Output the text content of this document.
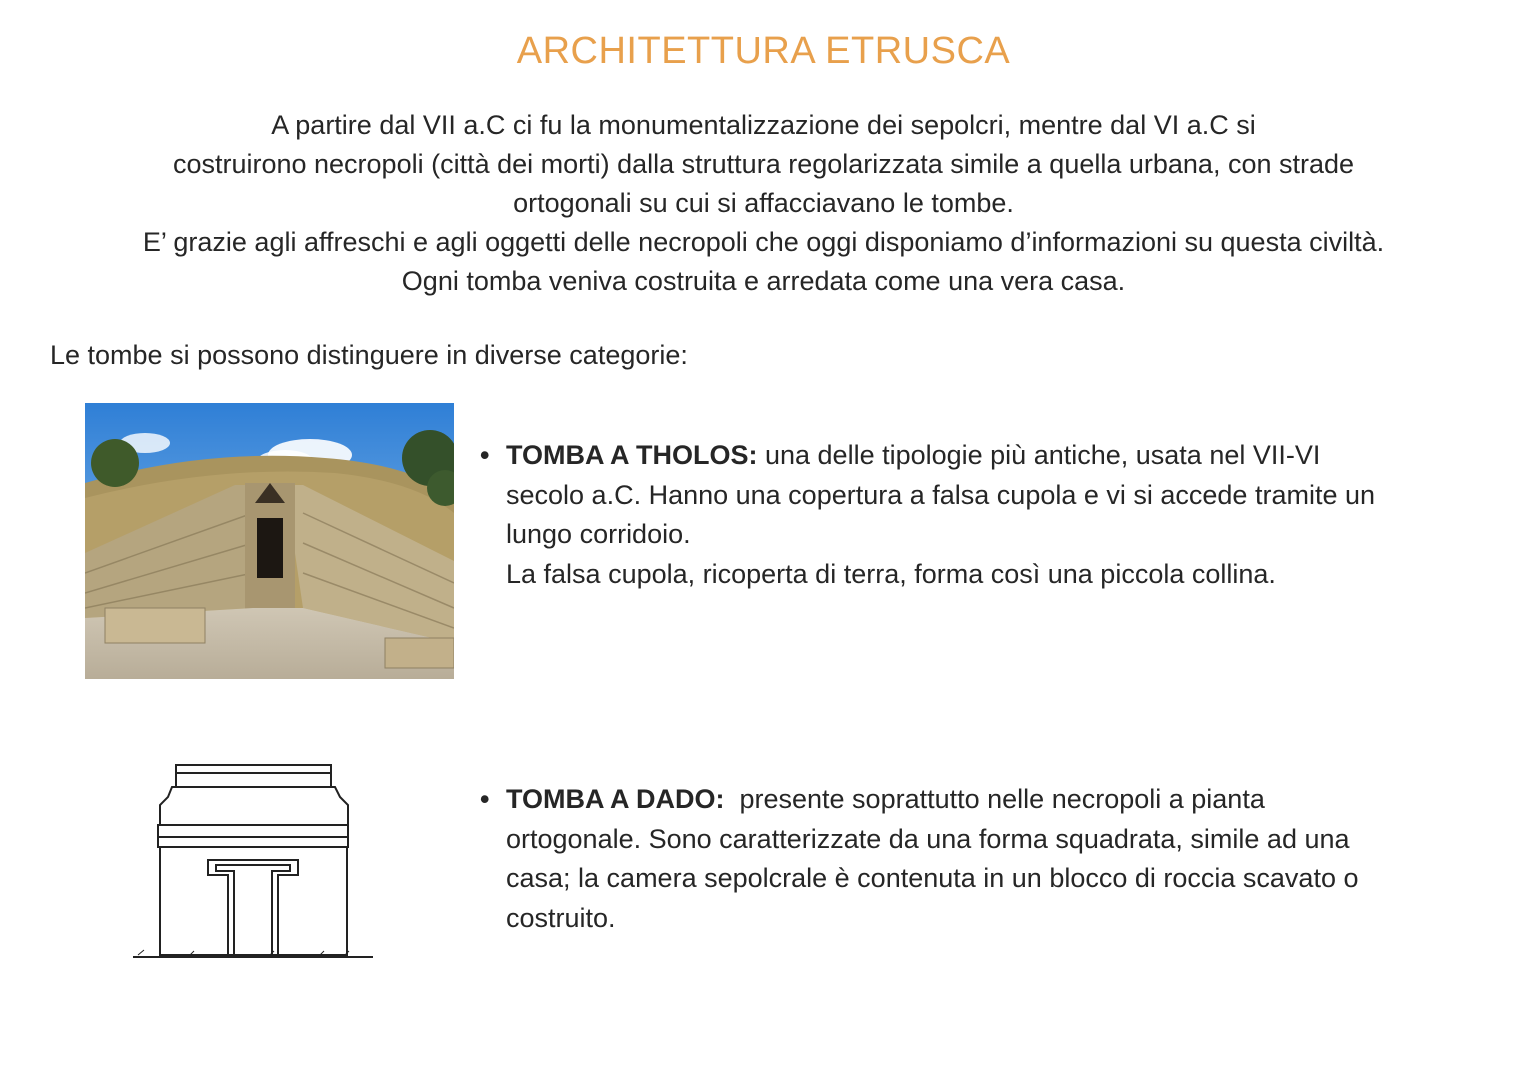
ARCHITETTURA ETRUSCA
A partire dal VII a.C ci fu la monumentalizzazione dei sepolcri, mentre dal VI a.C si
costruirono necropoli (città dei morti) dalla struttura regolarizzata simile a quella urbana, con strade
ortogonali su cui si affacciavano le tombe.
E’ grazie agli affreschi e agli oggetti delle necropoli che oggi disponiamo d’informazioni su questa civiltà.
Ogni tomba veniva costruita e arredata come una vera casa.
Le tombe si possono distinguere in diverse categorie:
• TOMBA A THOLOS: una delle tipologie più antiche, usata nel VII-VI
secolo a.C. Hanno una copertura a falsa cupola e vi si accede tramite un
lungo corridoio.
La falsa cupola, ricoperta di terra, forma così una piccola collina.
• TOMBA A DADO:  presente soprattutto nelle necropoli a pianta
ortogonale. Sono caratterizzate da una forma squadrata, simile ad una
casa; la camera sepolcrale è contenuta in un blocco di roccia scavato o
costruito.
